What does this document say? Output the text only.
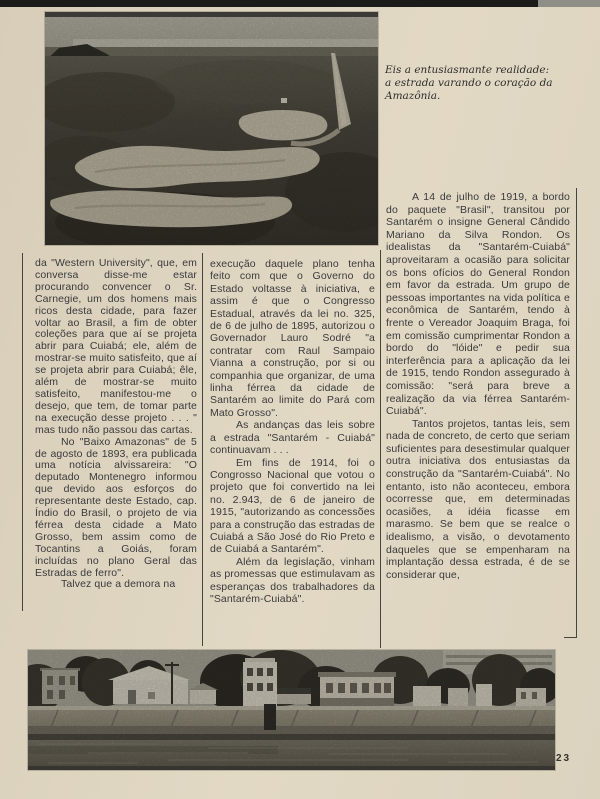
Eis a entusiasmante realidade:
a estrada varando o coração da
Amazônia.

da "Western University", que, em conversa disse-me estar procurando convencer o Sr. Carnegie, um dos homens mais ricos desta cidade, para fazer voltar ao Brasil, a fim de obter coleções para que aí se projeta abrir para Cuiabá; ele, além de mostrar-se muito satisfeito, que aí se projeta abrir para Cuiabá; êle, além de mostrar-se muito satisfeito, manifestou-me o desejo, que tem, de tomar parte na execução desse projeto . . . " mas tudo não passou das cartas.

No "Baixo Amazonas" de 5 de agosto de 1893, era publicada uma notícia alvissareira: "O deputado Montenegro informou que devido aos esforços do representante deste Estado, cap. Índio do Brasil, o projeto de via férrea desta cidade a Mato Grosso, bem assim como de Tocantins a Goiás, foram incluídas no plano Geral das Estradas de ferro".

Talvez que a demora na

execução daquele plano tenha feito com que o Governo do Estado voltasse à iniciativa, e assim é que o Congresso Estadual, através da lei no. 325, de 6 de julho de 1895, autorizou o Governador Lauro Sodré "a contratar com Raul Sampaio Vianna a construção, por si ou companhia que organizar, de uma linha férrea da cidade de Santarém ao limite do Pará com Mato Grosso".

As andanças das leis sobre a estrada "Santarém - Cuiabá" continuavam . . .

Em fins de 1914, foi o Congrosso Nacional que votou o projeto que foi convertido na lei no. 2.943, de 6 de janeiro de 1915, "autorizando as concessões para a construção das estradas de Cuiabá a São José do Rio Preto e de Cuiabá a Santarém".

Além da legislação, vinham as promessas que estimulavam as esperanças dos trabalhadores da "Santarém-Cuiabá".

A 14 de julho de 1919, a bordo do paquete "Brasil", transitou por Santarém o insigne General Cândido Mariano da Silva Rondon. Os idealistas da "Santarém-Cuiabá" aproveitaram a ocasião para solicitar os bons ofícios do General Rondon em favor da estrada. Um grupo de pessoas importantes na vida política e econômica de Santarém, tendo à frente o Vereador Joaquim Braga, foi em comissão cumprimentar Rondon a bordo do "lóide" e pedir sua interferência para a aplicação da lei de 1915, tendo Rondon assegurado à comissão: "será para breve a realização da via férrea Santarém-Cuiabá".

Tantos projetos, tantas leis, sem nada de concreto, de certo que seriam suficientes para desestimular qualquer outra iniciativa dos entusiastas da construção da "Santarém-Cuiabá". No entanto, isto não aconteceu, embora ocorresse que, em determinadas ocasiões, a idéia ficasse em marasmo. Se bem que se realce o idealismo, a visão, o devotamento daqueles que se empenharam na implantação dessa estrada, é de se considerar que,

23
